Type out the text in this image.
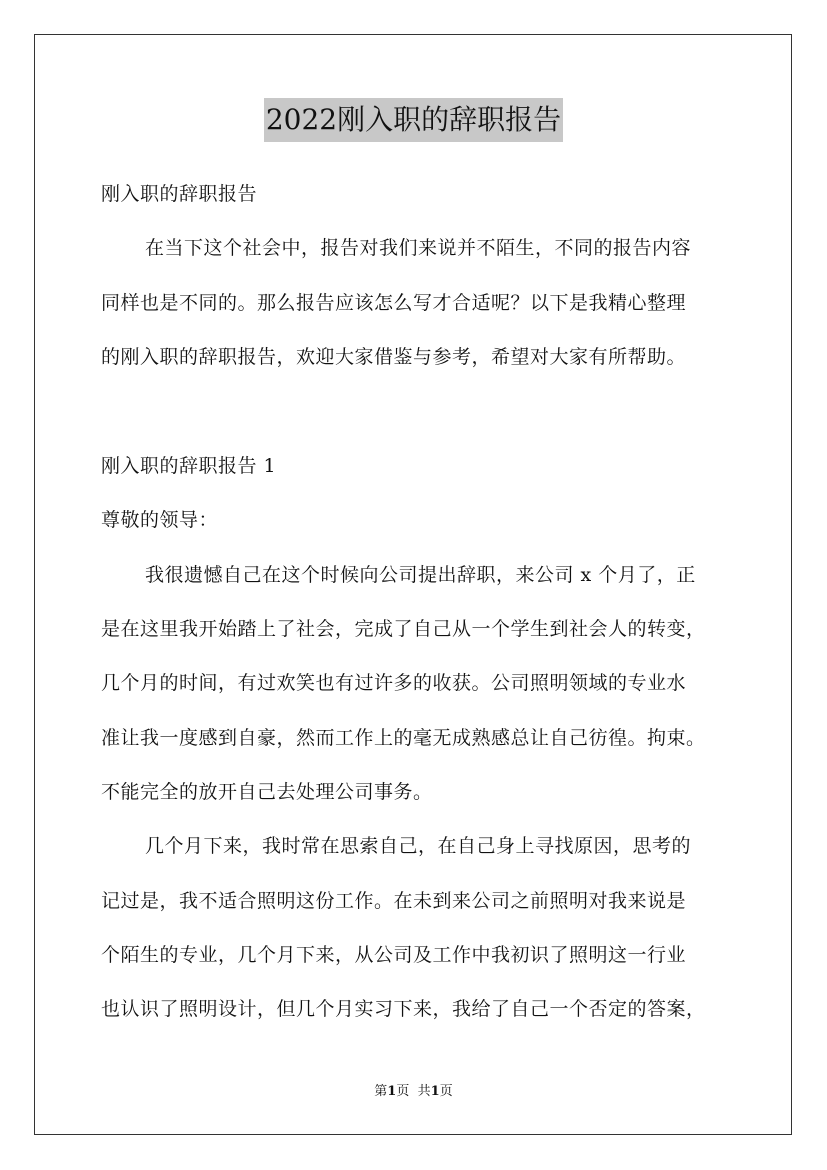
2022刚入职的辞职报告
刚入职的辞职报告
在当下这个社会中，报告对我们来说并不陌生，不同的报告内容
同样也是不同的。那么报告应该怎么写才合适呢？以下是我精心整理
的刚入职的辞职报告，欢迎大家借鉴与参考，希望对大家有所帮助。
刚入职的辞职报告 1
尊敬的领导：
我很遗憾自己在这个时候向公司提出辞职，来公司 x 个月了，正
是在这里我开始踏上了社会，完成了自己从一个学生到社会人的转变，
几个月的时间，有过欢笑也有过许多的收获。公司照明领域的专业水
准让我一度感到自豪，然而工作上的毫无成熟感总让自己彷徨。拘束。
不能完全的放开自己去处理公司事务。
几个月下来，我时常在思索自己，在自己身上寻找原因，思考的
记过是，我不适合照明这份工作。在未到来公司之前照明对我来说是
个陌生的专业，几个月下来，从公司及工作中我初识了照明这一行业
也认识了照明设计，但几个月实习下来，我给了自己一个否定的答案，
第1页 共1页
